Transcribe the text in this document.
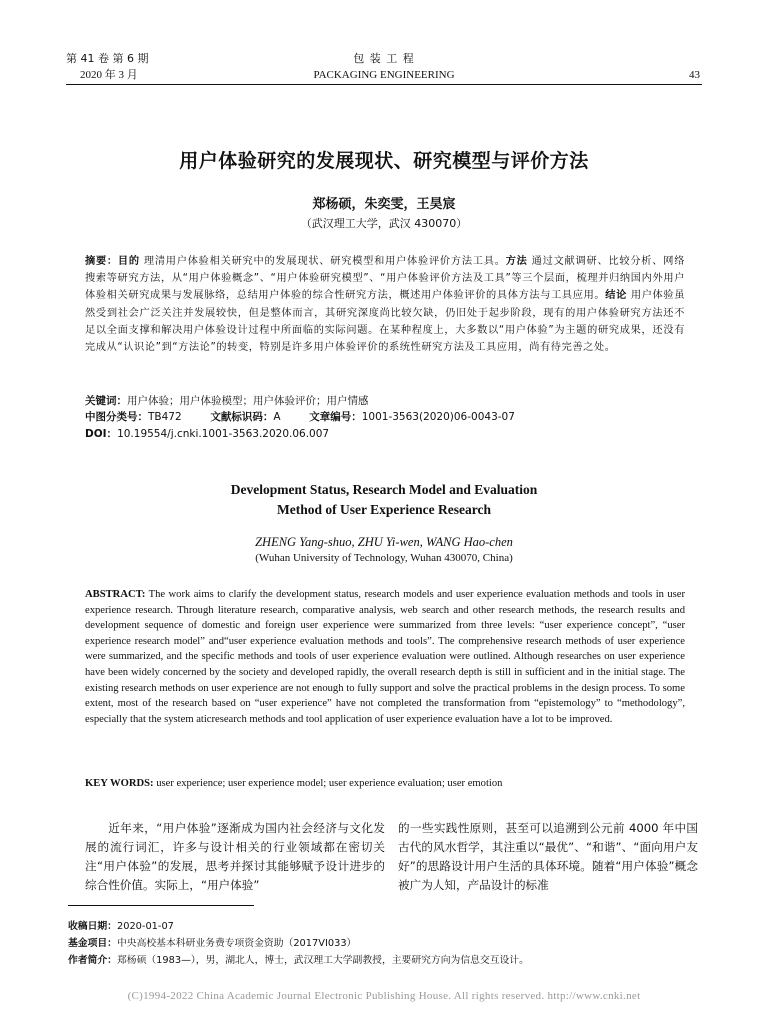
第 41 卷 第 6 期
2020 年 3 月
包 装 工 程
PACKAGING ENGINEERING	43
用户体验研究的发展现状、研究模型与评价方法
郑杨硕，朱奕雯，王昊宸
（武汉理工大学，武汉 430070）
摘要：目的 理清用户体验相关研究中的发展现状、研究模型和用户体验评价方法工具。方法 通过文献调研、比较分析、网络搜索等研究方法，从“用户体验概念”、“用户体验研究模型”、“用户体验评价方法及工具”等三个层面，梳理并归纳国内外用户体验相关研究成果与发展脉络，总结用户体验的综合性研究方法，概述用户体验评价的具体方法与工具应用。结论 用户体验虽然受到社会广泛关注并发展较快，但是整体而言，其研究深度尚比较欠缺，仍旧处于起步阶段，现有的用户体验研究方法还不足以全面支撑和解决用户体验设计过程中所面临的实际问题。在某种程度上，大多数以“用户体验”为主题的研究成果，还没有完成从“认识论”到“方法论”的转变，特别是许多用户体验评价的系统性研究方法及工具应用，尚有待完善之处。
关键词：用户体验；用户体验模型；用户体验评价；用户情感
中图分类号：TB472	文献标识码：A	文章编号：1001-3563(2020)06-0043-07
DOI：10.19554/j.cnki.1001-3563.2020.06.007
Development Status, Research Model and Evaluation
Method of User Experience Research
ZHENG Yang-shuo, ZHU Yi-wen, WANG Hao-chen
(Wuhan University of Technology, Wuhan 430070, China)
ABSTRACT: The work aims to clarify the development status, research models and user experience evaluation methods and tools in user experience research. Through literature research, comparative analysis, web search and other research methods, the research results and development sequence of domestic and foreign user experience were summarized from three levels: “user experience concept”, “user experience research model” and“user experience evaluation methods and tools”. The comprehensive research methods of user experience were summarized, and the specific methods and tools of user experience evaluation were outlined. Although researches on user experience have been widely concerned by the society and developed rapidly, the overall research depth is still in sufficient and in the initial stage. The existing research methods on user experience are not enough to fully support and solve the practical problems in the design process. To some extent, most of the research based on “user experience” have not completed the transformation from “epistemology” to “methodology”, especially that the system aticresearch methods and tool application of user experience evaluation have a lot to be improved.
KEY WORDS: user experience; user experience model; user experience evaluation; user emotion
近年来，“用户体验”逐渐成为国内社会经济与文化发展的流行词汇，许多与设计相关的行业领域都在密切关注“用户体验”的发展，思考并探讨其能够赋予设计进步的综合性价值。实际上，“用户体验”
的一些实践性原则，甚至可以追溯到公元前 4000 年中国古代的风水哲学，其注重以“最优”、“和谐”、“面向用户友好”的思路设计用户生活的具体环境。随着“用户体验”概念被广为人知，产品设计的标准
收稿日期：2020-01-07
基金项目：中央高校基本科研业务费专项资金资助（2017VI033）
作者简介：郑杨硕（1983—），男，湖北人，博士，武汉理工大学副教授，主要研究方向为信息交互设计。
(C)1994-2022 China Academic Journal Electronic Publishing House. All rights reserved. http://www.cnki.net
